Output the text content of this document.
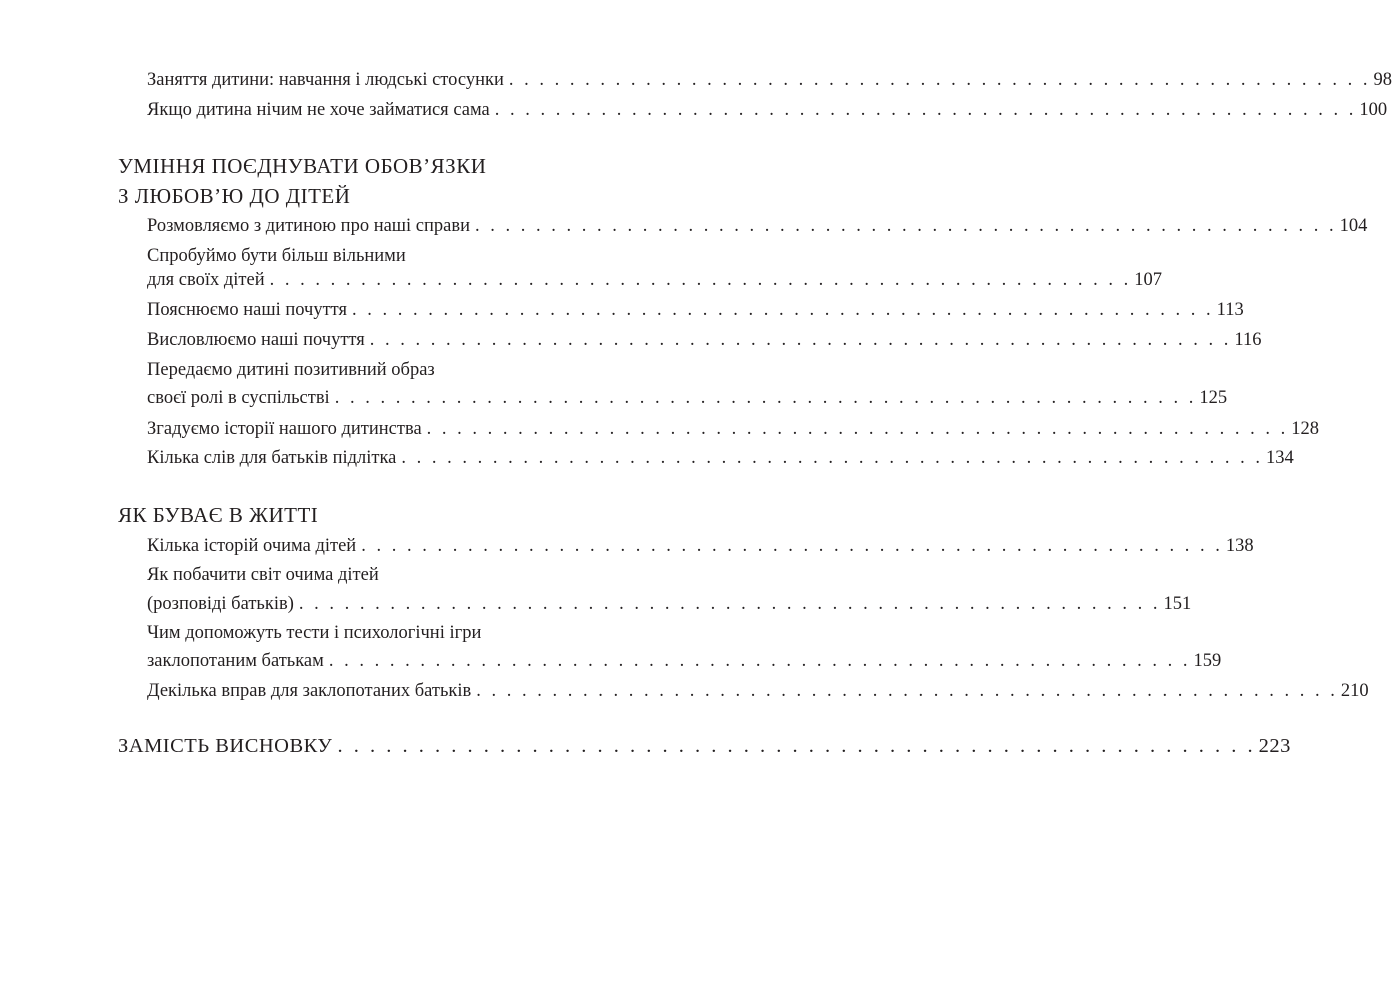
Заняття дитини: навчання і людські стосунки . . . . . . . . . . . . . . . . . . . . . . . . . . . . . . . . . . . . . . . . . . . . . . . . . . . . . . . . . 98
Якщо дитина нічим не хоче займатися сама . . . . . . . . . . . . . . . . . . . . . . . . . . . . . . . . . . . . . . . . . . . . . . . . . . . . . . . . . 100
УМІННЯ ПОЄДНУВАТИ ОБОВ’ЯЗКИ
З ЛЮБОВ’Ю ДО ДІТЕЙ
Розмовляємо з дитиною про наші справи . . . . . . . . . . . . . . . . . . . . . . . . . . . . . . . . . . . . . . . . . . . . . . . . . . . . . . . . . 104
Спробуймо бути більш вільними
для своїх дітей . . . . . . . . . . . . . . . . . . . . . . . . . . . . . . . . . . . . . . . . . . . . . . . . . . . . . . . . . 107
Пояснюємо наші почуття . . . . . . . . . . . . . . . . . . . . . . . . . . . . . . . . . . . . . . . . . . . . . . . . . . . . . . . . . 113
Висловлюємо наші почуття . . . . . . . . . . . . . . . . . . . . . . . . . . . . . . . . . . . . . . . . . . . . . . . . . . . . . . . . . 116
Передаємо дитині позитивний образ
своєї ролі в суспільстві . . . . . . . . . . . . . . . . . . . . . . . . . . . . . . . . . . . . . . . . . . . . . . . . . . . . . . . . . 125
Згадуємо історії нашого дитинства . . . . . . . . . . . . . . . . . . . . . . . . . . . . . . . . . . . . . . . . . . . . . . . . . . . . . . . . . 128
Кілька слів для батьків підлітка . . . . . . . . . . . . . . . . . . . . . . . . . . . . . . . . . . . . . . . . . . . . . . . . . . . . . . . . . 134
ЯК БУВАЄ В ЖИТТІ
Кілька історій очима дітей . . . . . . . . . . . . . . . . . . . . . . . . . . . . . . . . . . . . . . . . . . . . . . . . . . . . . . . . . 138
Як побачити світ очима дітей
(розповіді батьків) . . . . . . . . . . . . . . . . . . . . . . . . . . . . . . . . . . . . . . . . . . . . . . . . . . . . . . . . . 151
Чим допоможуть тести і психологічні ігри
заклопотаним батькам . . . . . . . . . . . . . . . . . . . . . . . . . . . . . . . . . . . . . . . . . . . . . . . . . . . . . . . . . 159
Декілька вправ для заклопотаних батьків . . . . . . . . . . . . . . . . . . . . . . . . . . . . . . . . . . . . . . . . . . . . . . . . . . . . . . . . . 210
ЗАМІСТЬ ВИСНОВКУ . . . . . . . . . . . . . . . . . . . . . . . . . . . . . . . . . . . . . . . . . . . . . . . . . . . . . . . . . 223
